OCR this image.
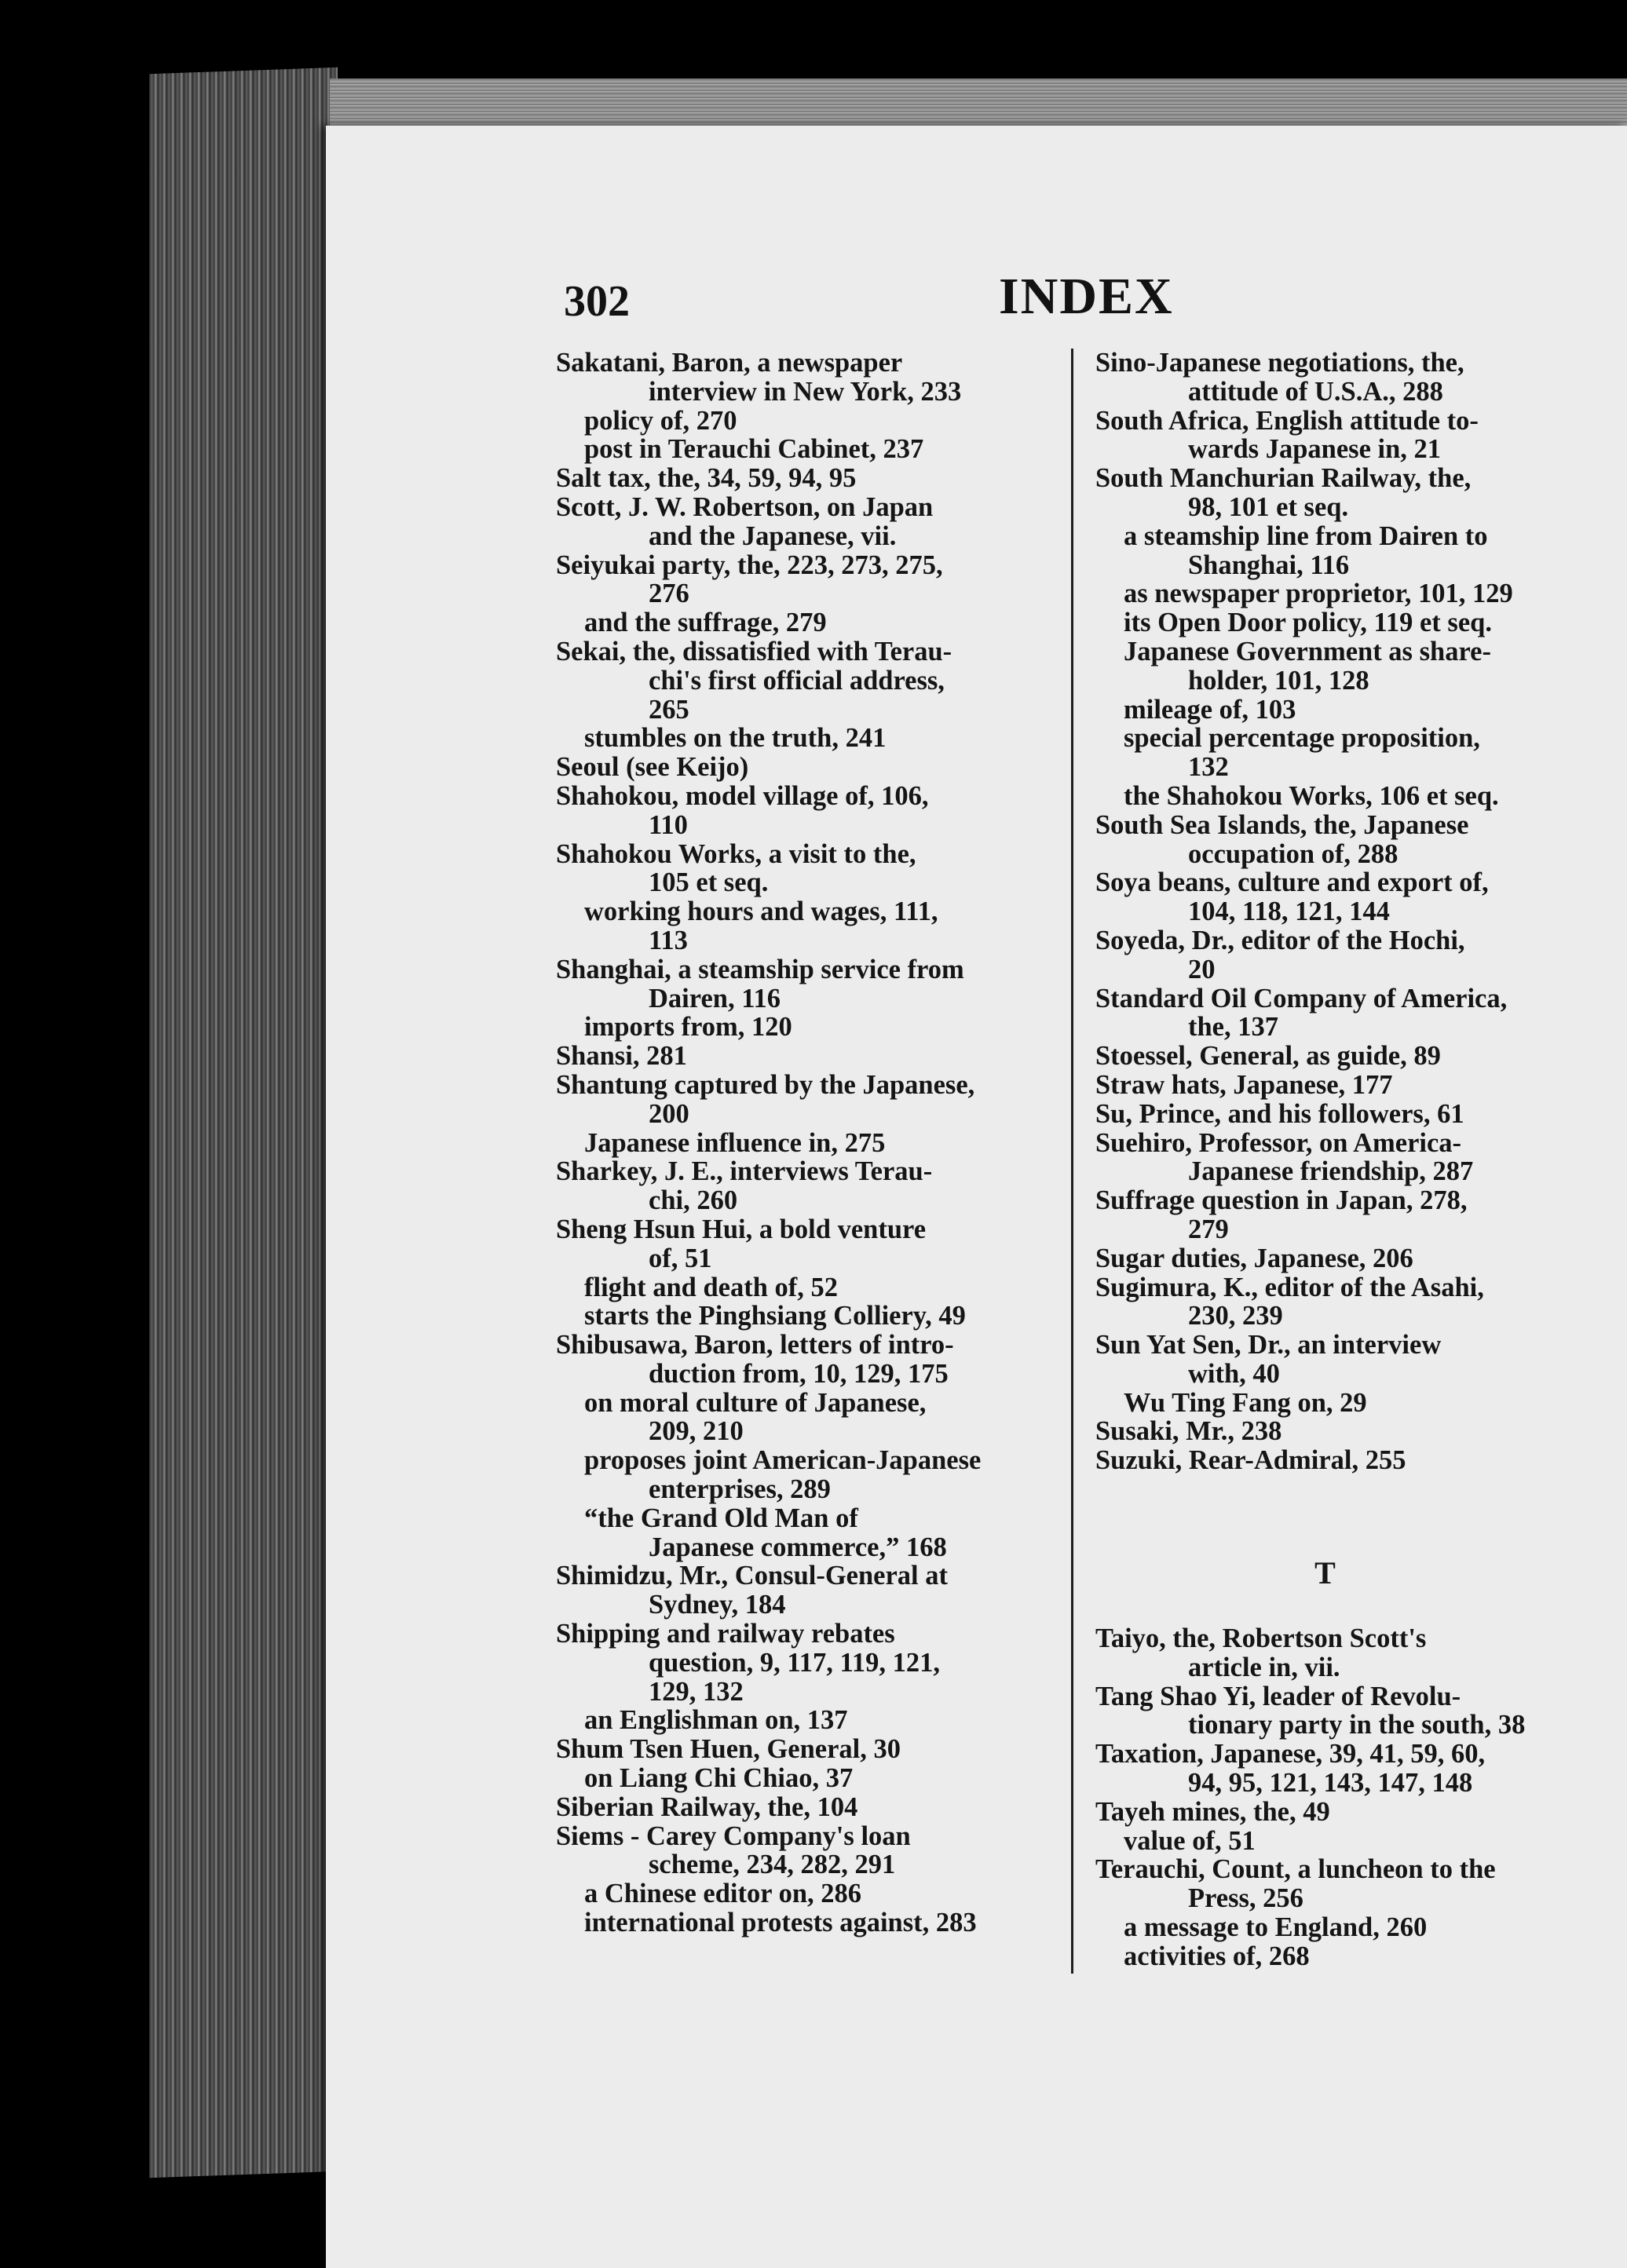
302	INDEX
Sakatani, Baron, a newspaper
interview in New York, 233
policy of, 270
post in Terauchi Cabinet, 237
Salt tax, the, 34, 59, 94, 95
Scott, J. W. Robertson, on Japan
and the Japanese, vii.
Seiyukai party, the, 223, 273, 275,
276
and the suffrage, 279
Sekai, the, dissatisfied with Terau-
chi's first official address,
265
stumbles on the truth, 241
Seoul (see Keijo)
Shahokou, model village of, 106,
110
Shahokou Works, a visit to the,
105 et seq.
working hours and wages, 111,
113
Shanghai, a steamship service from
Dairen, 116
imports from, 120
Shansi, 281
Shantung captured by the Japanese,
200
Japanese influence in, 275
Sharkey, J. E., interviews Terau-
chi, 260
Sheng Hsun Hui, a bold venture
of, 51
flight and death of, 52
starts the Pinghsiang Colliery, 49
Shibusawa, Baron, letters of intro-
duction from, 10, 129, 175
on moral culture of Japanese,
209, 210
proposes joint American-Japanese
enterprises, 289
“the Grand Old Man of
Japanese commerce,” 168
Shimidzu, Mr., Consul-General at
Sydney, 184
Shipping and railway rebates
question, 9, 117, 119, 121,
129, 132
an Englishman on, 137
Shum Tsen Huen, General, 30
on Liang Chi Chiao, 37
Siberian Railway, the, 104
Siems - Carey Company's loan
scheme, 234, 282, 291
a Chinese editor on, 286
international protests against, 283
Sino-Japanese negotiations, the,
attitude of U.S.A., 288
South Africa, English attitude to-
wards Japanese in, 21
South Manchurian Railway, the,
98, 101 et seq.
a steamship line from Dairen to
Shanghai, 116
as newspaper proprietor, 101, 129
its Open Door policy, 119 et seq.
Japanese Government as share-
holder, 101, 128
mileage of, 103
special percentage proposition,
132
the Shahokou Works, 106 et seq.
South Sea Islands, the, Japanese
occupation of, 288
Soya beans, culture and export of,
104, 118, 121, 144
Soyeda, Dr., editor of the Hochi,
20
Standard Oil Company of America,
the, 137
Stoessel, General, as guide, 89
Straw hats, Japanese, 177
Su, Prince, and his followers, 61
Suehiro, Professor, on America-
Japanese friendship, 287
Suffrage question in Japan, 278,
279
Sugar duties, Japanese, 206
Sugimura, K., editor of the Asahi,
230, 239
Sun Yat Sen, Dr., an interview
with, 40
Wu Ting Fang on, 29
Susaki, Mr., 238
Suzuki, Rear-Admiral, 255
T
Taiyo, the, Robertson Scott's
article in, vii.
Tang Shao Yi, leader of Revolu-
tionary party in the south, 38
Taxation, Japanese, 39, 41, 59, 60,
94, 95, 121, 143, 147, 148
Tayeh mines, the, 49
value of, 51
Terauchi, Count, a luncheon to the
Press, 256
a message to England, 260
activities of, 268
